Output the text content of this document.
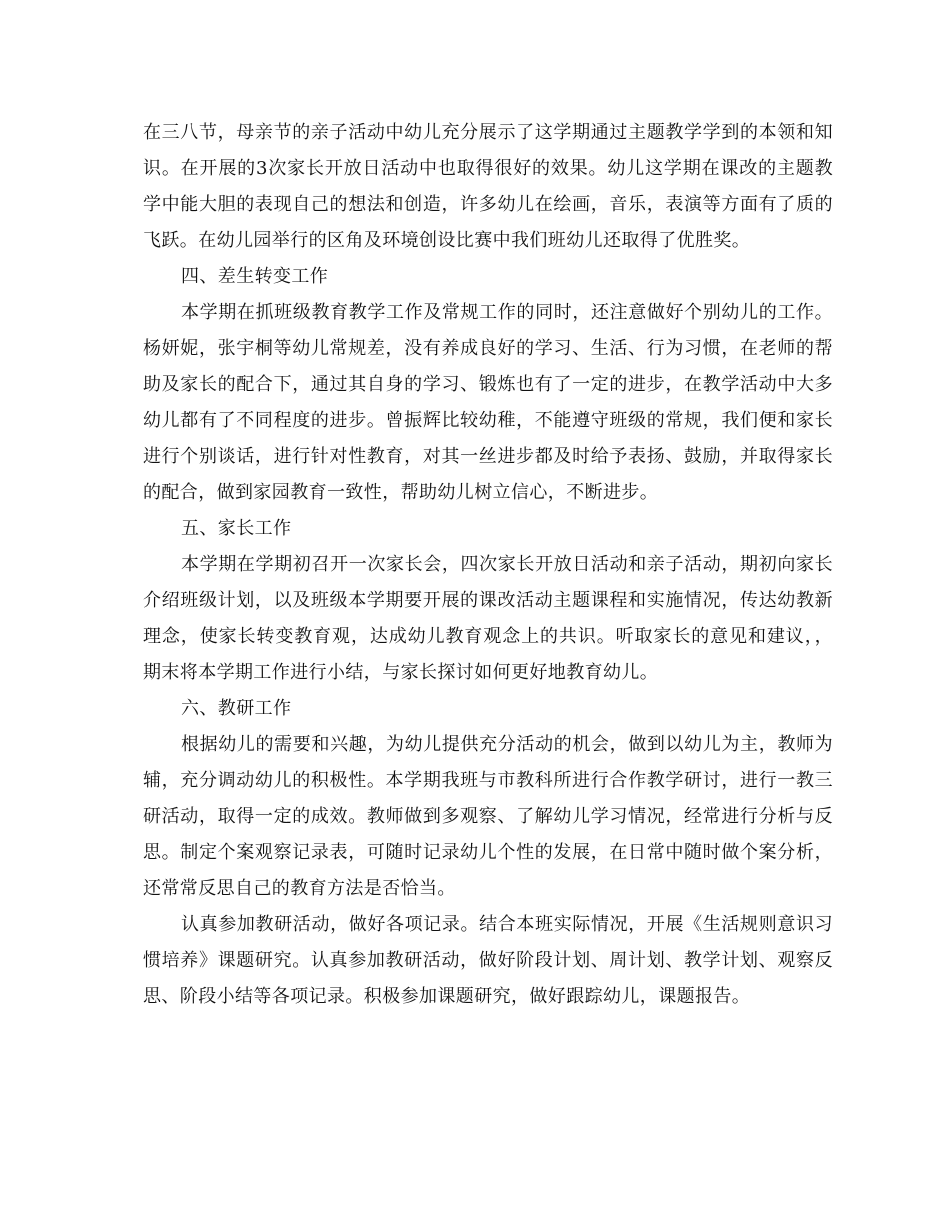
在三八节，母亲节的亲子活动中幼儿充分展示了这学期通过主题教学学到的本领和知识。在开展的3次家长开放日活动中也取得很好的效果。幼儿这学期在课改的主题教学中能大胆的表现自己的想法和创造，许多幼儿在绘画，音乐，表演等方面有了质的飞跃。在幼儿园举行的区角及环境创设比赛中我们班幼儿还取得了优胜奖。

四、差生转变工作

本学期在抓班级教育教学工作及常规工作的同时，还注意做好个别幼儿的工作。杨妍妮，张宇桐等幼儿常规差，没有养成良好的学习、生活、行为习惯，在老师的帮助及家长的配合下，通过其自身的学习、锻炼也有了一定的进步，在教学活动中大多幼儿都有了不同程度的进步。曾振辉比较幼稚，不能遵守班级的常规，我们便和家长进行个别谈话，进行针对性教育，对其一丝进步都及时给予表扬、鼓励，并取得家长的配合，做到家园教育一致性，帮助幼儿树立信心，不断进步。

五、家长工作

本学期在学期初召开一次家长会，四次家长开放日活动和亲子活动，期初向家长介绍班级计划，以及班级本学期要开展的课改活动主题课程和实施情况，传达幼教新理念，使家长转变教育观，达成幼儿教育观念上的共识。听取家长的意见和建议，，期末将本学期工作进行小结，与家长探讨如何更好地教育幼儿。

六、教研工作

根据幼儿的需要和兴趣，为幼儿提供充分活动的机会，做到以幼儿为主，教师为辅，充分调动幼儿的积极性。本学期我班与市教科所进行合作教学研讨，进行一教三研活动，取得一定的成效。教师做到多观察、了解幼儿学习情况，经常进行分析与反思。制定个案观察记录表，可随时记录幼儿个性的发展，在日常中随时做个案分析，还常常反思自己的教育方法是否恰当。

认真参加教研活动，做好各项记录。结合本班实际情况，开展《生活规则意识习惯培养》课题研究。认真参加教研活动，做好阶段计划、周计划、教学计划、观察反思、阶段小结等各项记录。积极参加课题研究，做好跟踪幼儿，课题报告。
